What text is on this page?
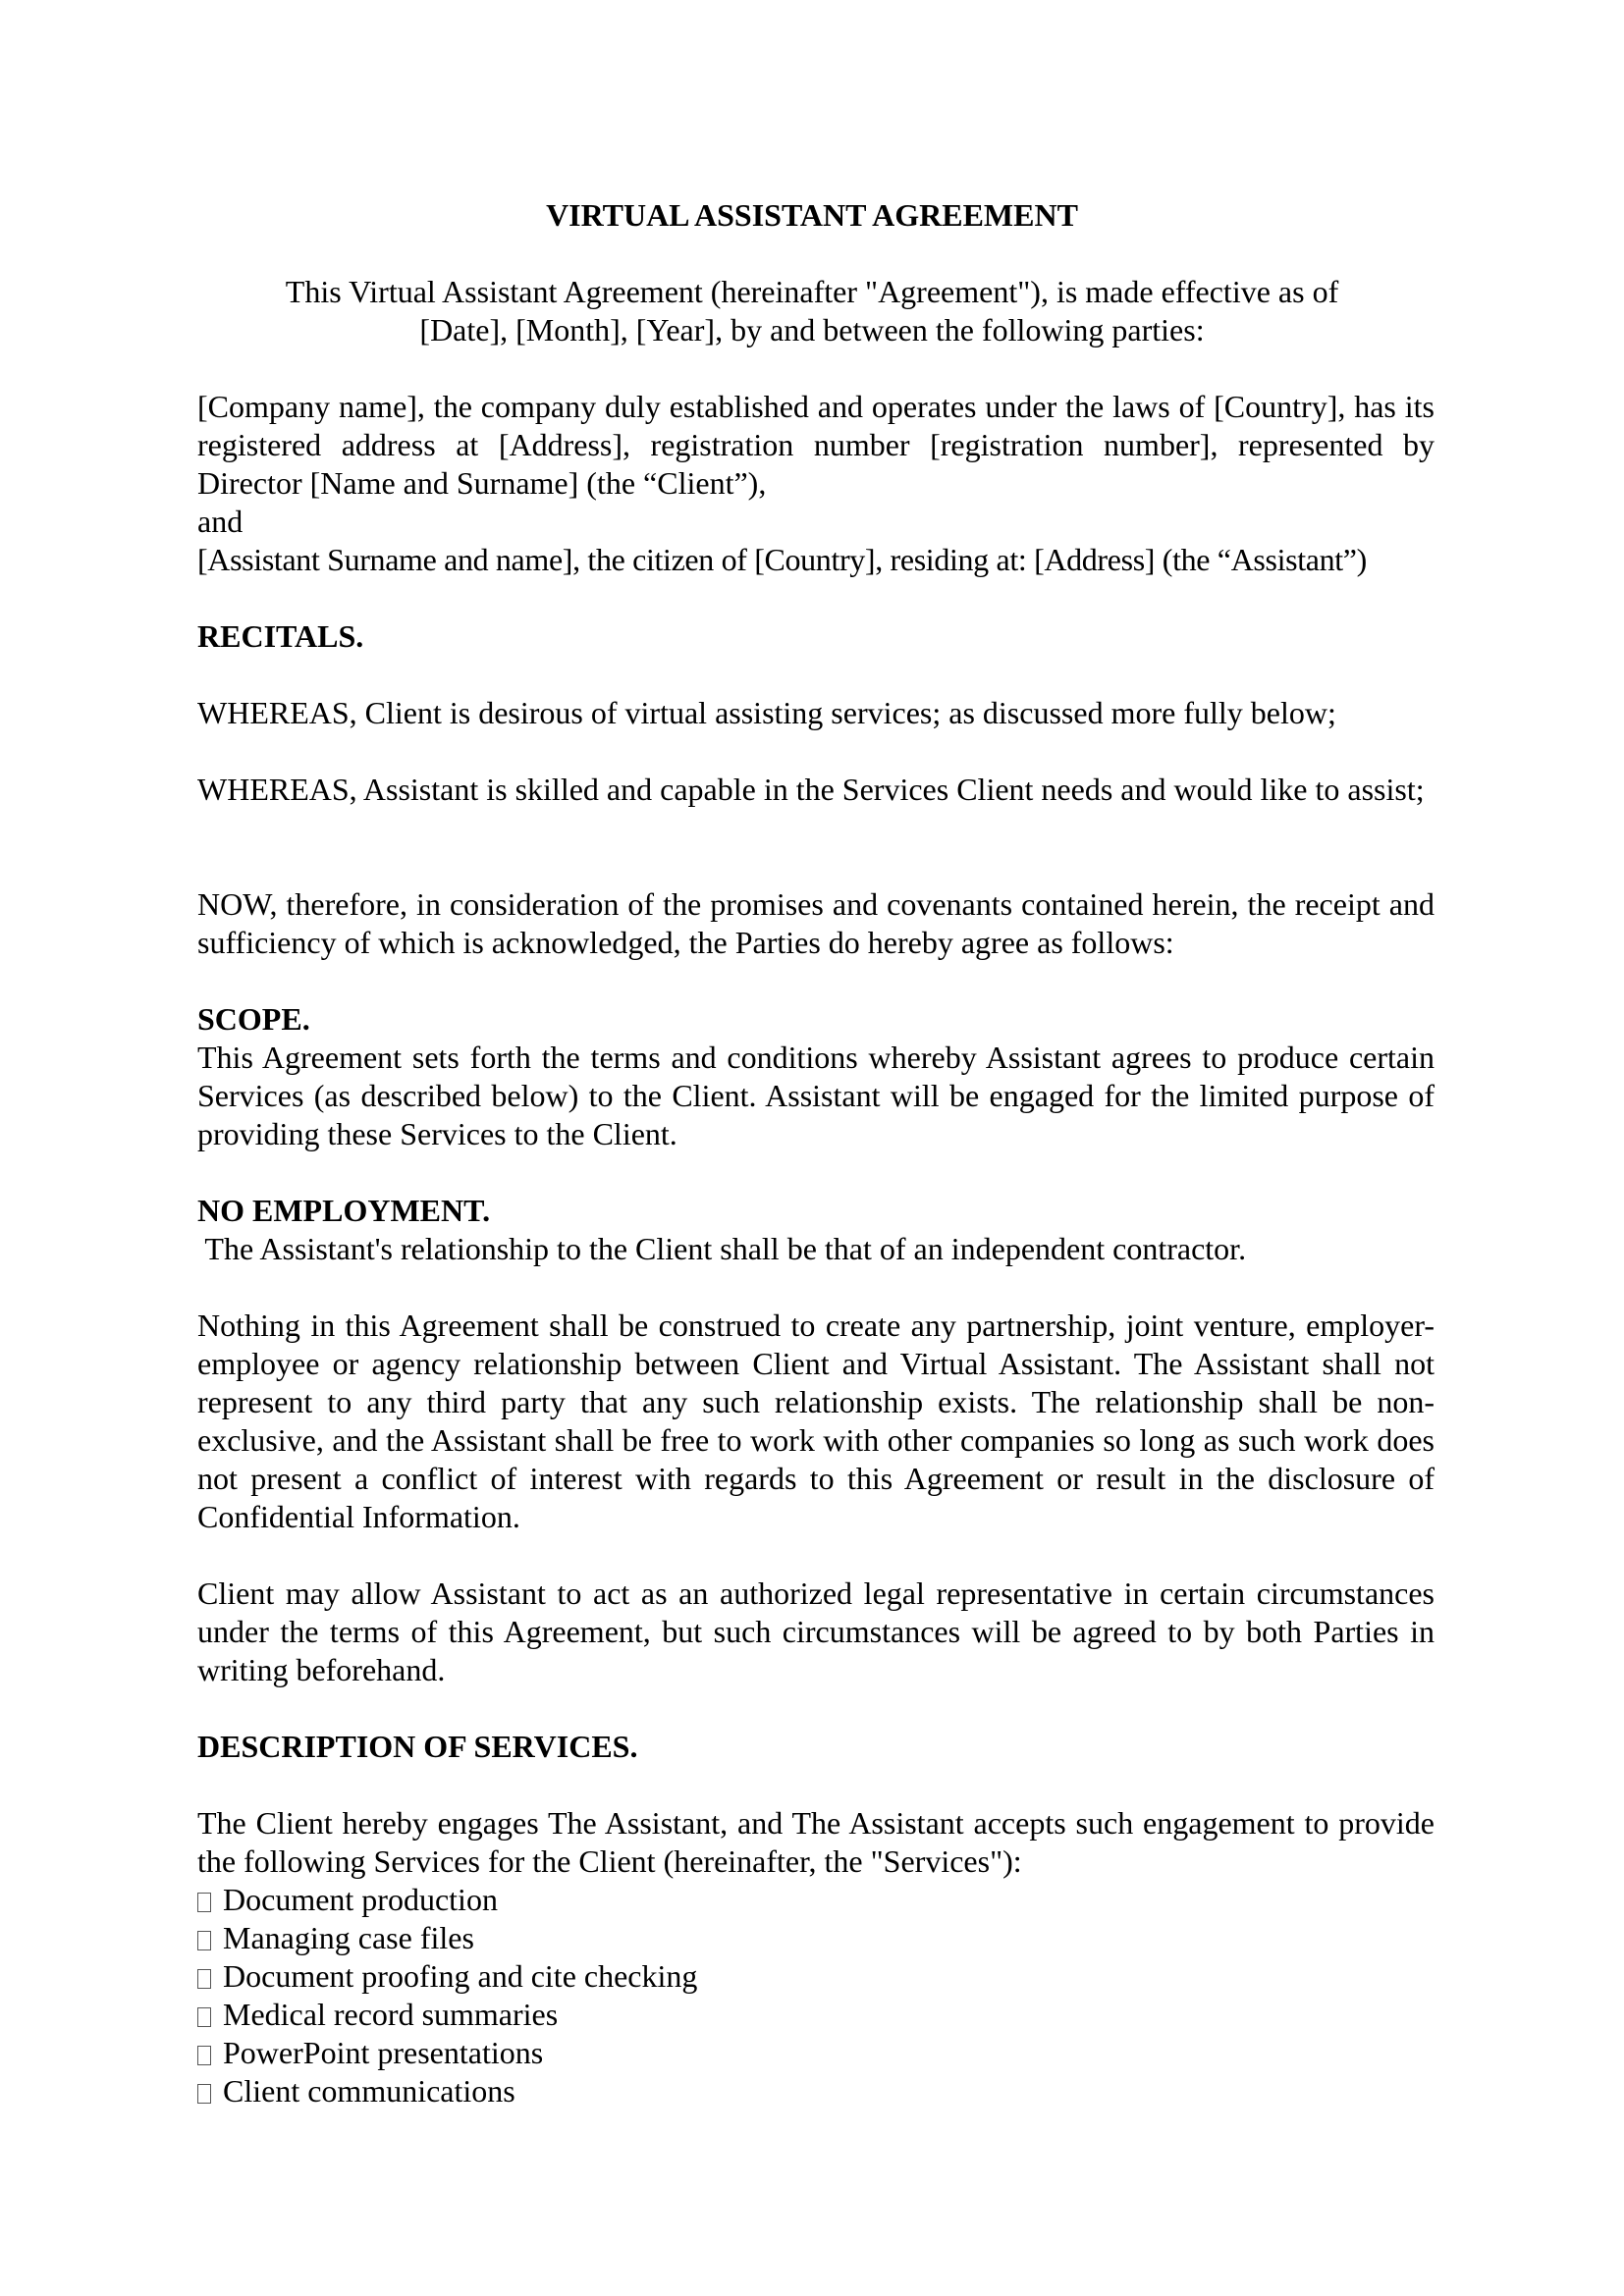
VIRTUAL ASSISTANT AGREEMENT
This Virtual Assistant Agreement (hereinafter "Agreement"), is made effective as of
[Date], [Month], [Year], by and between the following parties:
[Company name], the company duly established and operates under the laws of [Country], has its registered address at [Address], registration number [registration number], represented by Director [Name and Surname] (the “Client”),
and
[Assistant Surname and name], the citizen of [Country], residing at: [Address] (the “Assistant”)
RECITALS.
WHEREAS, Client is desirous of virtual assisting services; as discussed more fully below;
WHEREAS, Assistant is skilled and capable in the Services Client needs and would like to assist;
NOW, therefore, in consideration of the promises and covenants contained herein, the receipt and sufficiency of which is acknowledged, the Parties do hereby agree as follows:
SCOPE.
This Agreement sets forth the terms and conditions whereby Assistant agrees to produce certain Services (as described below) to the Client. Assistant will be engaged for the limited purpose of providing these Services to the Client.
NO EMPLOYMENT.
The Assistant's relationship to the Client shall be that of an independent contractor.
Nothing in this Agreement shall be construed to create any partnership, joint venture, employer-employee or agency relationship between Client and Virtual Assistant. The Assistant shall not represent to any third party that any such relationship exists. The relationship shall be non-exclusive, and the Assistant shall be free to work with other companies so long as such work does not present a conflict of interest with regards to this Agreement or result in the disclosure of Confidential Information.
Client may allow Assistant to act as an authorized legal representative in certain circumstances under the terms of this Agreement, but such circumstances will be agreed to by both Parties in writing beforehand.
DESCRIPTION OF SERVICES.
The Client hereby engages The Assistant, and The Assistant accepts such engagement to provide the following Services for the Client (hereinafter, the "Services"):
Document production
Managing case files
Document proofing and cite checking
Medical record summaries
PowerPoint presentations
Client communications
